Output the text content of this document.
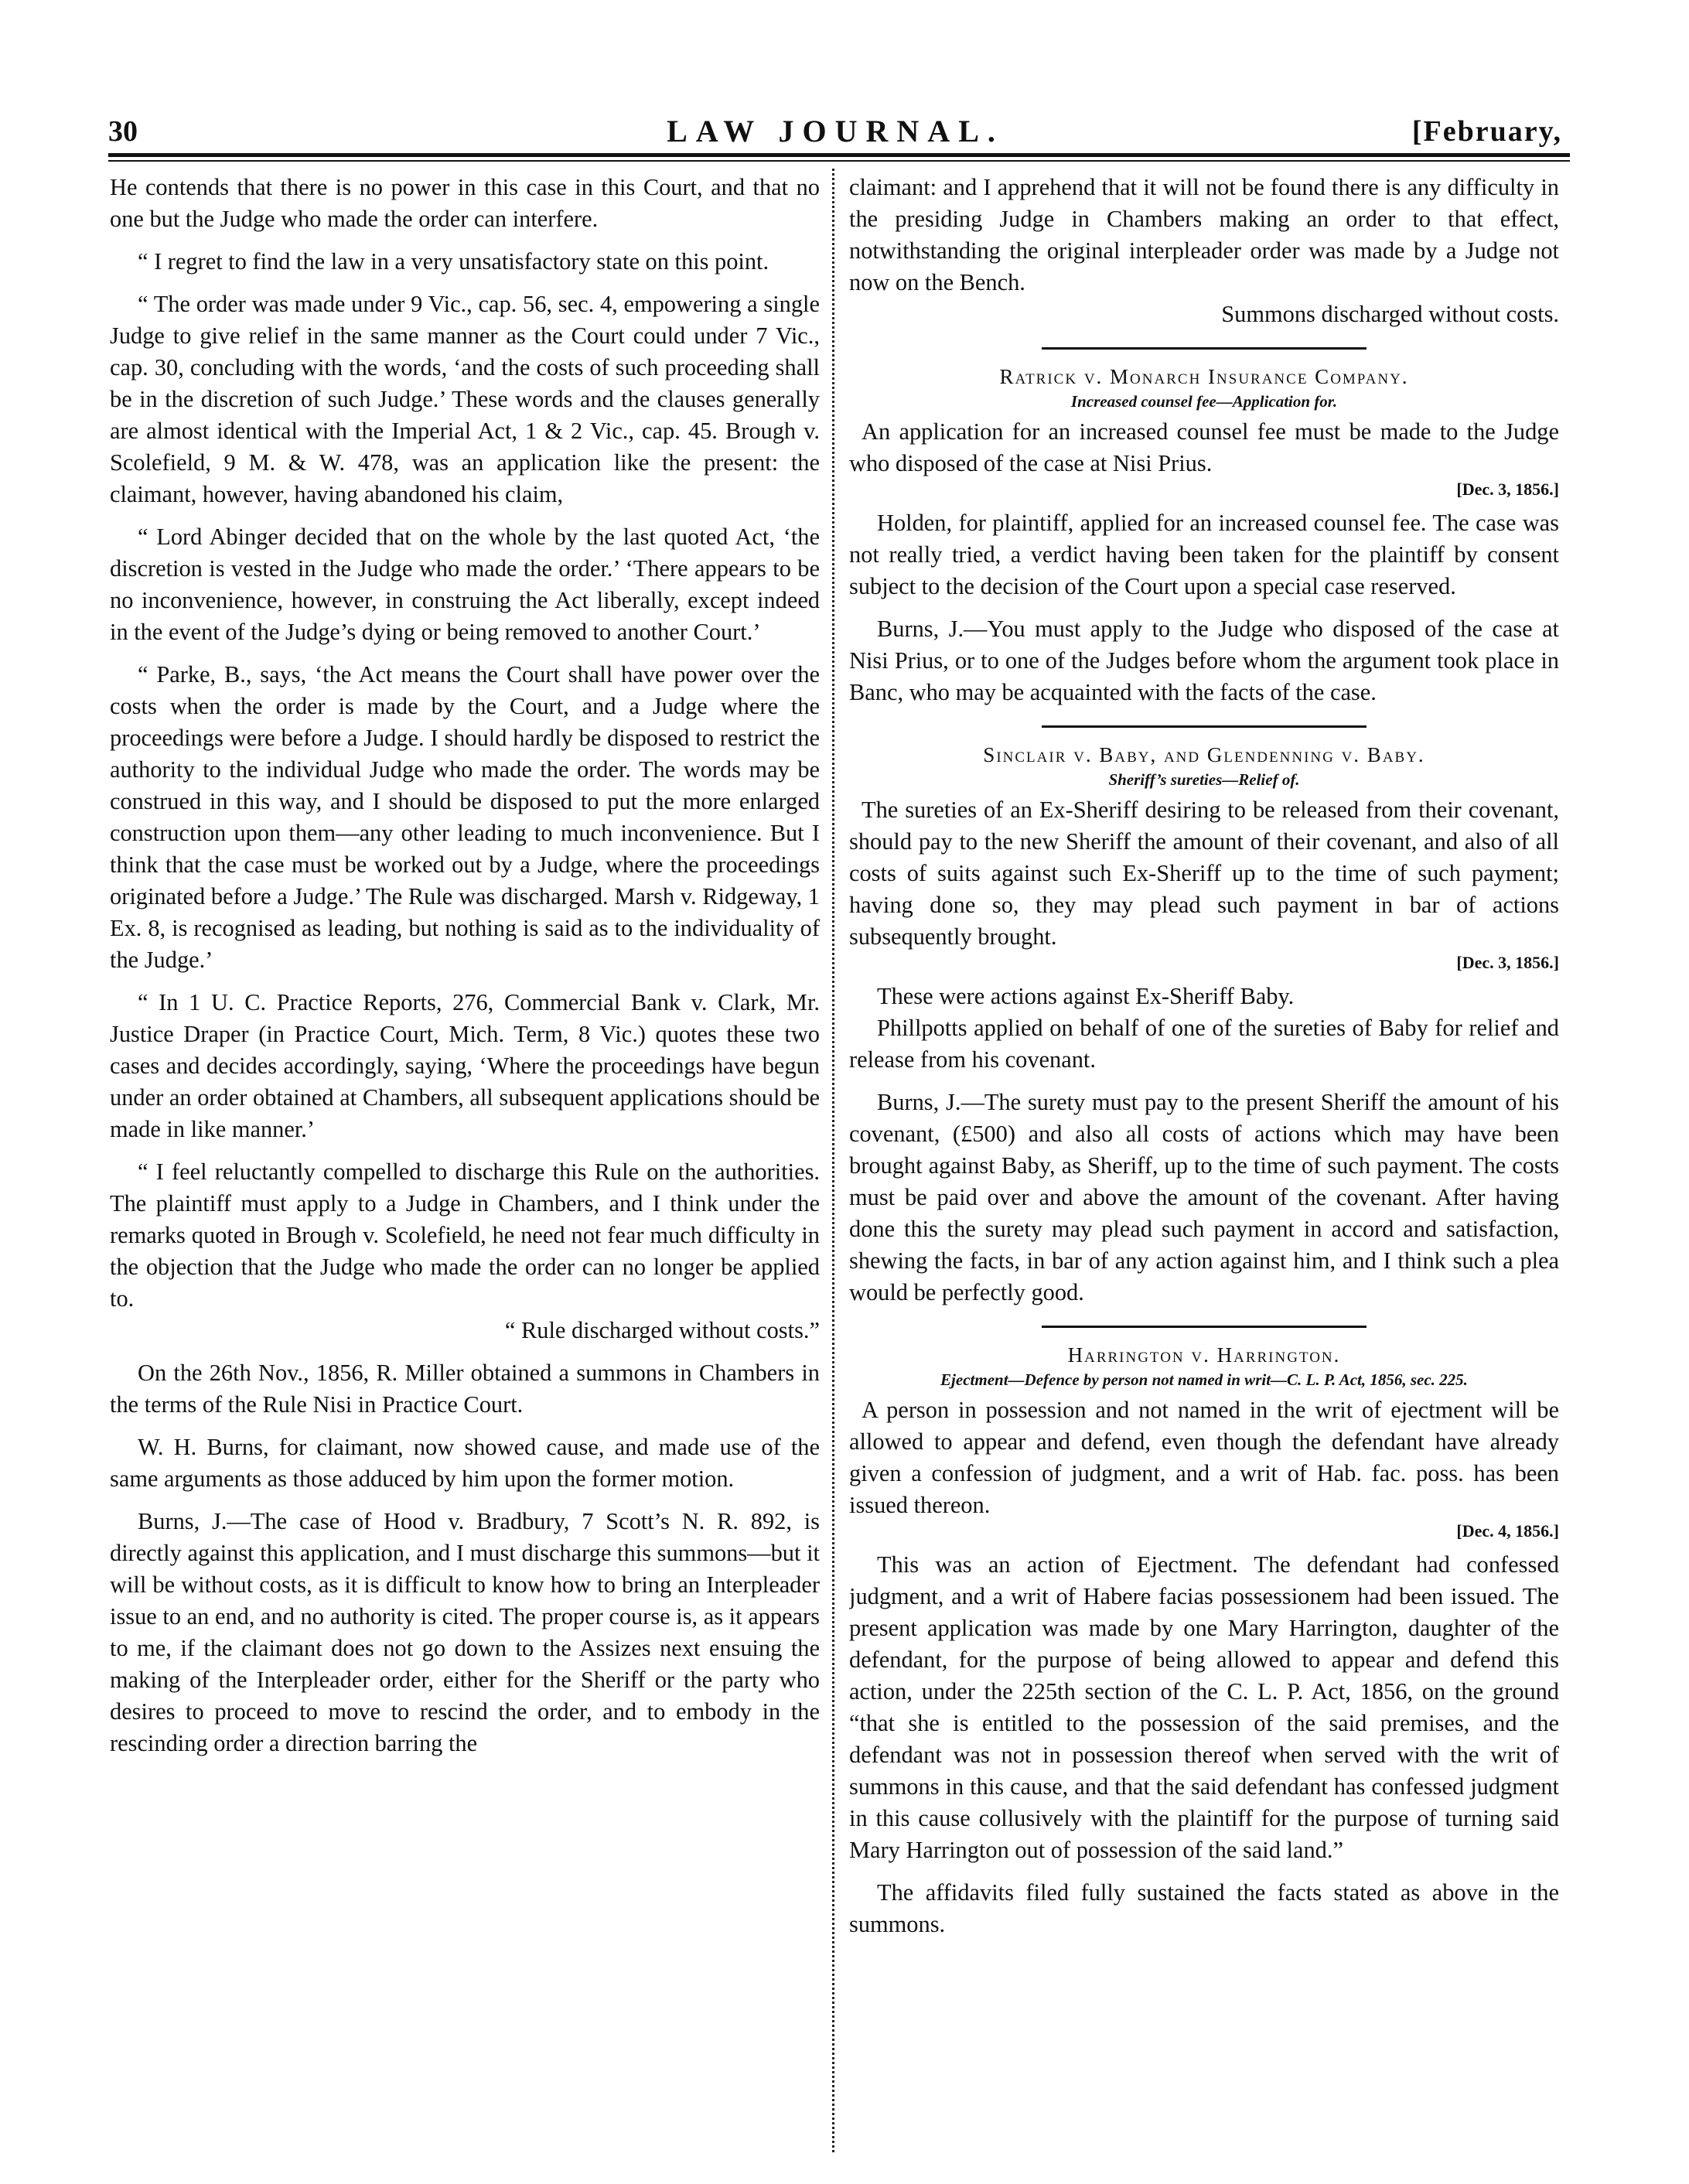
30	LAW JOURNAL.	[February,

He contends that there is no power in this case in this Court, and that no one but the Judge who made the order can interfere.

“ I regret to find the law in a very unsatisfactory state on this point.

“ The order was made under 9 Vic., cap. 56, sec. 4, empowering a single Judge to give relief in the same manner as the Court could under 7 Vic., cap. 30, concluding with the words, ‘and the costs of such proceeding shall be in the discretion of such Judge.’ These words and the clauses generally are almost identical with the Imperial Act, 1 & 2 Vic., cap. 45. Brough v. Scolefield, 9 M. & W. 478, was an application like the present: the claimant, however, having abandoned his claim,

“ Lord Abinger decided that on the whole by the last quoted Act, ‘the discretion is vested in the Judge who made the order.’ ‘There appears to be no inconvenience, however, in construing the Act liberally, except indeed in the event of the Judge’s dying or being removed to another Court.’

“ Parke, B., says, ‘the Act means the Court shall have power over the costs when the order is made by the Court, and a Judge where the proceedings were before a Judge. I should hardly be disposed to restrict the authority to the individual Judge who made the order. The words may be construed in this way, and I should be disposed to put the more enlarged construction upon them—any other leading to much inconvenience. But I think that the case must be worked out by a Judge, where the proceedings originated before a Judge.’ The Rule was discharged. Marsh v. Ridgeway, 1 Ex. 8, is recognised as leading, but nothing is said as to the individuality of the Judge.’

“ In 1 U. C. Practice Reports, 276, Commercial Bank v. Clark, Mr. Justice Draper (in Practice Court, Mich. Term, 8 Vic.) quotes these two cases and decides accordingly, saying, ‘Where the proceedings have begun under an order obtained at Chambers, all subsequent applications should be made in like manner.’

“ I feel reluctantly compelled to discharge this Rule on the authorities. The plaintiff must apply to a Judge in Chambers, and I think under the remarks quoted in Brough v. Scolefield, he need not fear much difficulty in the objection that the Judge who made the order can no longer be applied to.

“ Rule discharged without costs.”

On the 26th Nov., 1856, R. Miller obtained a summons in Chambers in the terms of the Rule Nisi in Practice Court.

W. H. Burns, for claimant, now showed cause, and made use of the same arguments as those adduced by him upon the former motion.

Burns, J.—The case of Hood v. Bradbury, 7 Scott’s N. R. 892, is directly against this application, and I must discharge this summons—but it will be without costs, as it is difficult to know how to bring an Interpleader issue to an end, and no authority is cited. The proper course is, as it appears to me, if the claimant does not go down to the Assizes next ensuing the making of the Interpleader order, either for the Sheriff or the party who desires to proceed to move to rescind the order, and to embody in the rescinding order a direction barring the

claimant: and I apprehend that it will not be found there is any difficulty in the presiding Judge in Chambers making an order to that effect, notwithstanding the original interpleader order was made by a Judge not now on the Bench.

Summons discharged without costs.

Ratrick v. Monarch Insurance Company.
Increased counsel fee—Application for.

An application for an increased counsel fee must be made to the Judge who disposed of the case at Nisi Prius.

[Dec. 3, 1856.]

Holden, for plaintiff, applied for an increased counsel fee. The case was not really tried, a verdict having been taken for the plaintiff by consent subject to the decision of the Court upon a special case reserved.

Burns, J.—You must apply to the Judge who disposed of the case at Nisi Prius, or to one of the Judges before whom the argument took place in Banc, who may be acquainted with the facts of the case.

Sinclair v. Baby, and Glendenning v. Baby.
Sheriff’s sureties—Relief of.

The sureties of an Ex-Sheriff desiring to be released from their covenant, should pay to the new Sheriff the amount of their covenant, and also of all costs of suits against such Ex-Sheriff up to the time of such payment; having done so, they may plead such payment in bar of actions subsequently brought.

[Dec. 3, 1856.]

These were actions against Ex-Sheriff Baby.

Phillpotts applied on behalf of one of the sureties of Baby for relief and release from his covenant.

Burns, J.—The surety must pay to the present Sheriff the amount of his covenant, (£500) and also all costs of actions which may have been brought against Baby, as Sheriff, up to the time of such payment. The costs must be paid over and above the amount of the covenant. After having done this the surety may plead such payment in accord and satisfaction, shewing the facts, in bar of any action against him, and I think such a plea would be perfectly good.

Harrington v. Harrington.
Ejectment—Defence by person not named in writ—C. L. P. Act, 1856, sec. 225.

A person in possession and not named in the writ of ejectment will be allowed to appear and defend, even though the defendant have already given a confession of judgment, and a writ of Hab. fac. poss. has been issued thereon.

[Dec. 4, 1856.]

This was an action of Ejectment. The defendant had confessed judgment, and a writ of Habere facias possessionem had been issued. The present application was made by one Mary Harrington, daughter of the defendant, for the purpose of being allowed to appear and defend this action, under the 225th section of the C. L. P. Act, 1856, on the ground “that she is entitled to the possession of the said premises, and the defendant was not in possession thereof when served with the writ of summons in this cause, and that the said defendant has confessed judgment in this cause collusively with the plaintiff for the purpose of turning said Mary Harrington out of possession of the said land.”

The affidavits filed fully sustained the facts stated as above in the summons.
